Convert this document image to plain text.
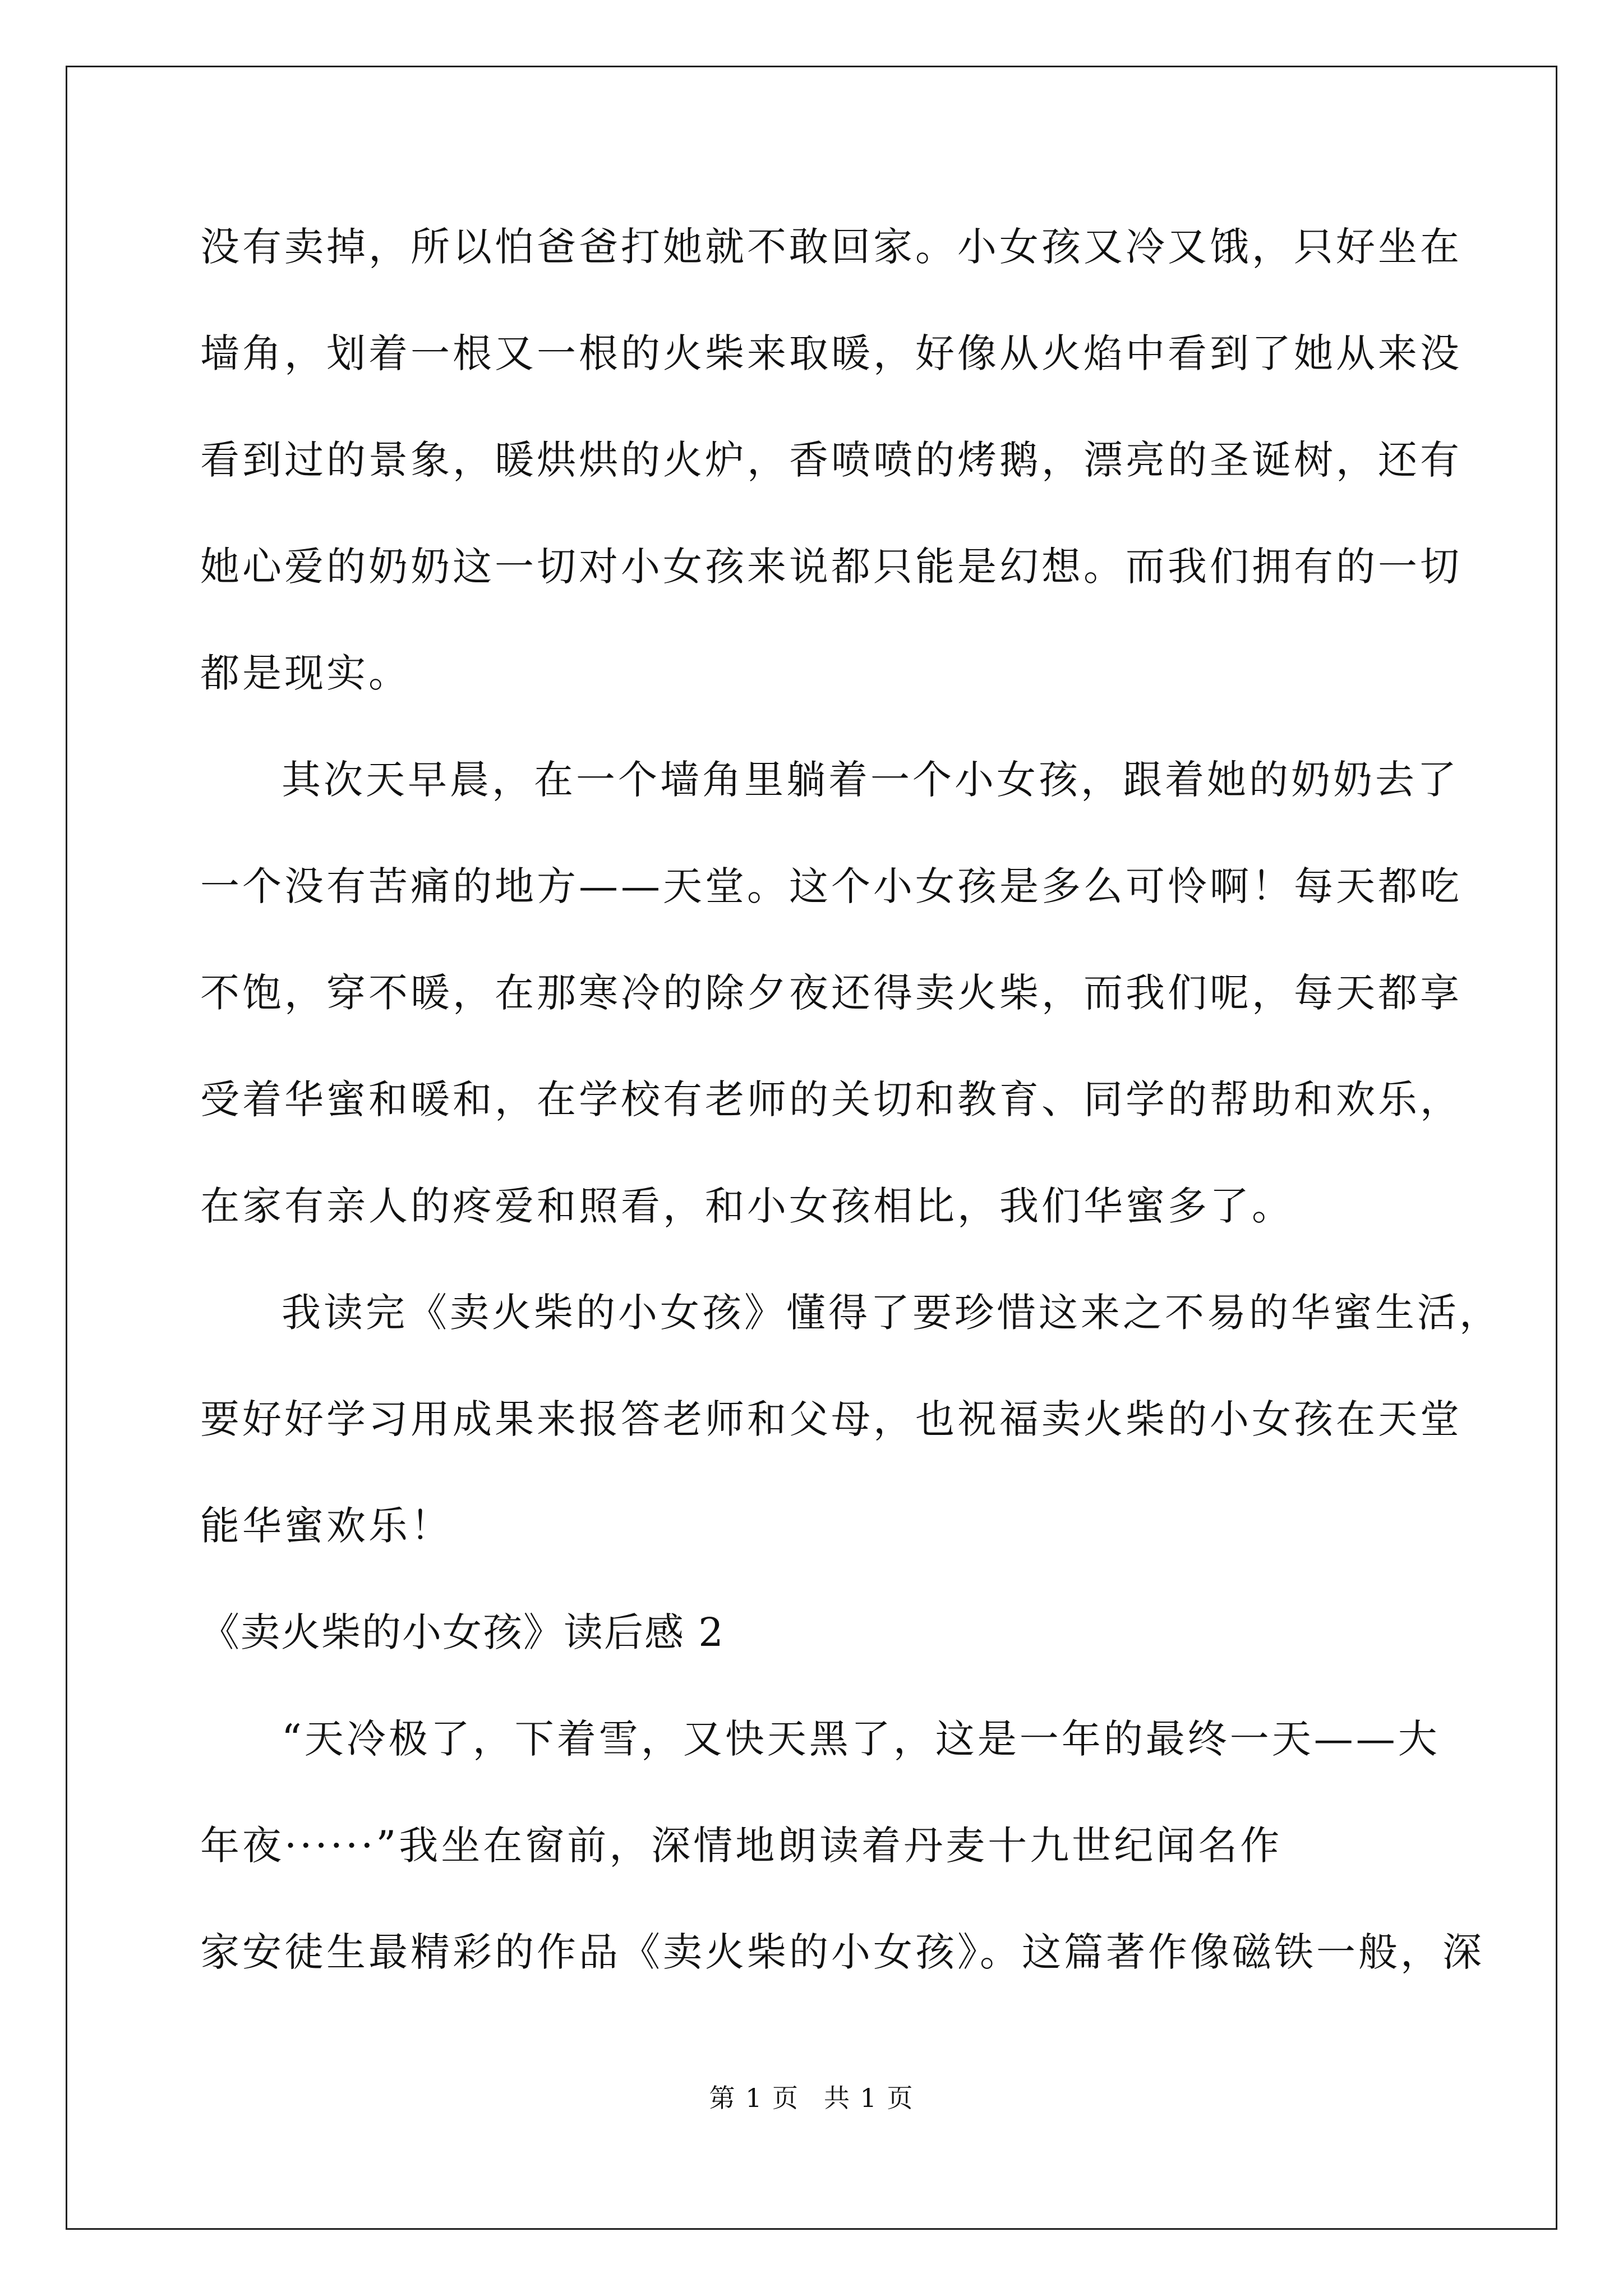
没有卖掉，所以怕爸爸打她就不敢回家。小女孩又冷又饿，只好坐在
墙角，划着一根又一根的火柴来取暖，好像从火焰中看到了她从来没
看到过的景象，暖烘烘的火炉，香喷喷的烤鹅，漂亮的圣诞树，还有
她心爱的奶奶这一切对小女孩来说都只能是幻想。而我们拥有的一切
都是现实。
其次天早晨，在一个墙角里躺着一个小女孩，跟着她的奶奶去了
一个没有苦痛的地方——天堂。这个小女孩是多么可怜啊！每天都吃
不饱，穿不暖，在那寒冷的除夕夜还得卖火柴，而我们呢，每天都享
受着华蜜和暖和，在学校有老师的关切和教育、同学的帮助和欢乐，
在家有亲人的疼爱和照看，和小女孩相比，我们华蜜多了。
我读完《卖火柴的小女孩》懂得了要珍惜这来之不易的华蜜生活，
要好好学习用成果来报答老师和父母，也祝福卖火柴的小女孩在天堂
能华蜜欢乐！
《卖火柴的小女孩》读后感 2
“天冷极了，下着雪，又快天黑了，这是一年的最终一天——大
年夜······”我坐在窗前，深情地朗读着丹麦十九世纪闻名作
家安徒生最精彩的作品《卖火柴的小女孩》。这篇著作像磁铁一般，深
第 1 页 共 1 页
